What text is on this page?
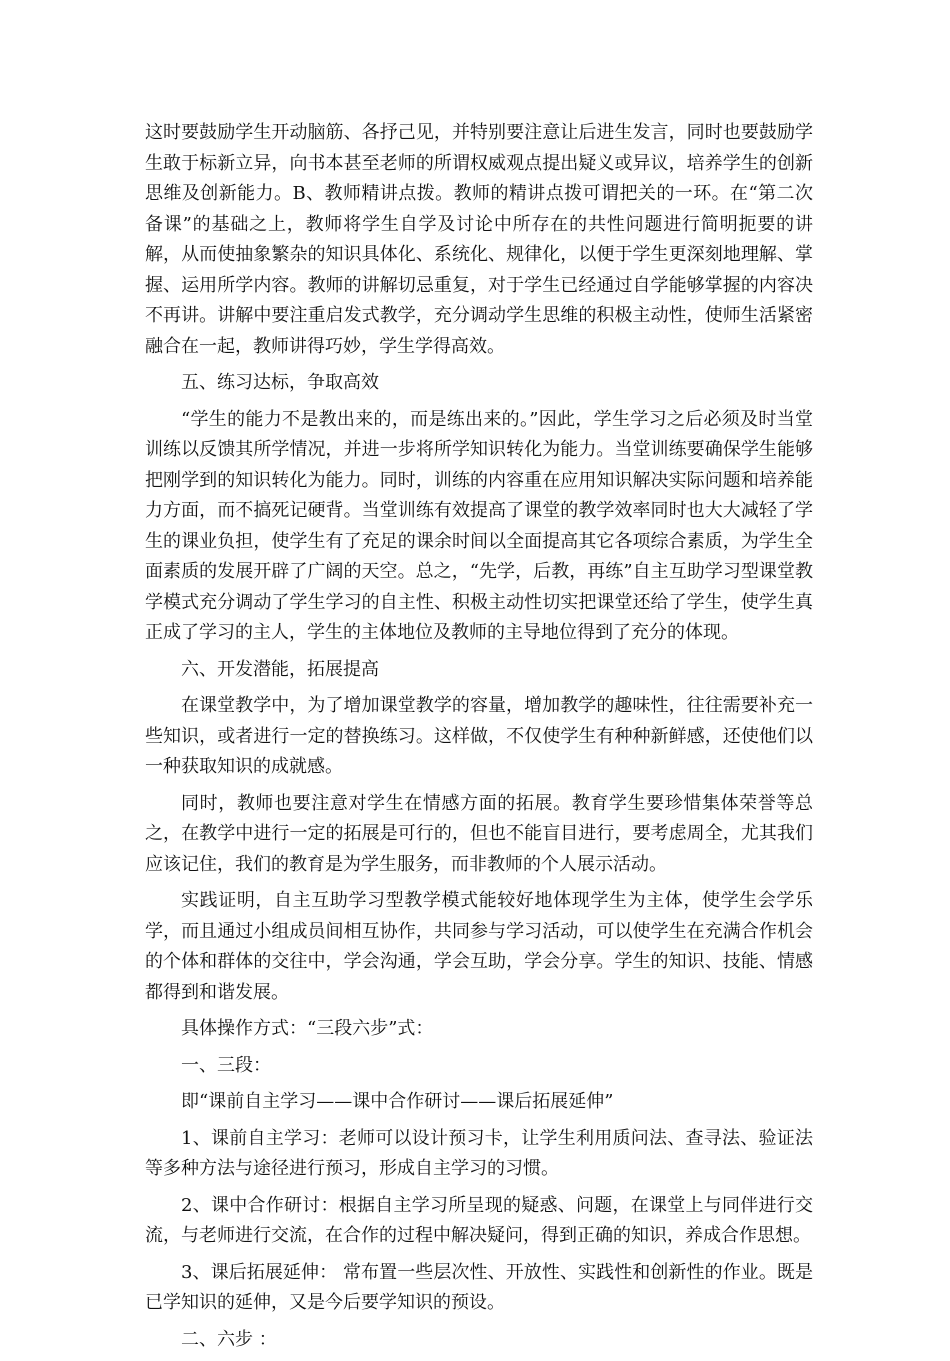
这时要鼓励学生开动脑筋、各抒己见，并特别要注意让后进生发言，同时也要鼓励学生敢于标新立异，向书本甚至老师的所谓权威观点提出疑义或异议，培养学生的创新思维及创新能力。B、教师精讲点拨。教师的精讲点拨可谓把关的一环。在“第二次备课”的基础之上，教师将学生自学及讨论中所存在的共性问题进行简明扼要的讲解，从而使抽象繁杂的知识具体化、系统化、规律化，以便于学生更深刻地理解、掌握、运用所学内容。教师的讲解切忌重复，对于学生已经通过自学能够掌握的内容决不再讲。讲解中要注重启发式教学，充分调动学生思维的积极主动性，使师生活紧密融合在一起，教师讲得巧妙，学生学得高效。

五、练习达标，争取高效

“学生的能力不是教出来的，而是练出来的。”因此，学生学习之后必须及时当堂训练以反馈其所学情况，并进一步将所学知识转化为能力。当堂训练要确保学生能够把刚学到的知识转化为能力。同时，训练的内容重在应用知识解决实际问题和培养能力方面，而不搞死记硬背。当堂训练有效提高了课堂的教学效率同时也大大减轻了学生的课业负担，使学生有了充足的课余时间以全面提高其它各项综合素质，为学生全面素质的发展开辟了广阔的天空。总之，“先学，后教，再练”自主互助学习型课堂教学模式充分调动了学生学习的自主性、积极主动性切实把课堂还给了学生，使学生真正成了学习的主人，学生的主体地位及教师的主导地位得到了充分的体现。

六、开发潜能，拓展提高

在课堂教学中，为了增加课堂教学的容量，增加教学的趣味性，往往需要补充一些知识，或者进行一定的替换练习。这样做，不仅使学生有种种新鲜感，还使他们以一种获取知识的成就感。

同时，教师也要注意对学生在情感方面的拓展。教育学生要珍惜集体荣誉等总之，在教学中进行一定的拓展是可行的，但也不能盲目进行，要考虑周全，尤其我们应该记住，我们的教育是为学生服务，而非教师的个人展示活动。

实践证明，自主互助学习型教学模式能较好地体现学生为主体，使学生会学乐学，而且通过小组成员间相互协作，共同参与学习活动，可以使学生在充满合作机会的个体和群体的交往中，学会沟通，学会互助，学会分享。学生的知识、技能、情感都得到和谐发展。

具体操作方式：“三段六步”式：

一、三段：

即“课前自主学习——课中合作研讨——课后拓展延伸”

1、课前自主学习：老师可以设计预习卡，让学生利用质问法、查寻法、验证法等多种方法与途径进行预习，形成自主学习的习惯。

2、课中合作研讨：根据自主学习所呈现的疑惑、问题，在课堂上与同伴进行交流，与老师进行交流，在合作的过程中解决疑问，得到正确的知识，养成合作思想。

3、课后拓展延伸： 常布置一些层次性、开放性、实践性和创新性的作业。既是已学知识的延伸，又是今后要学知识的预设。

二、六步 ：
